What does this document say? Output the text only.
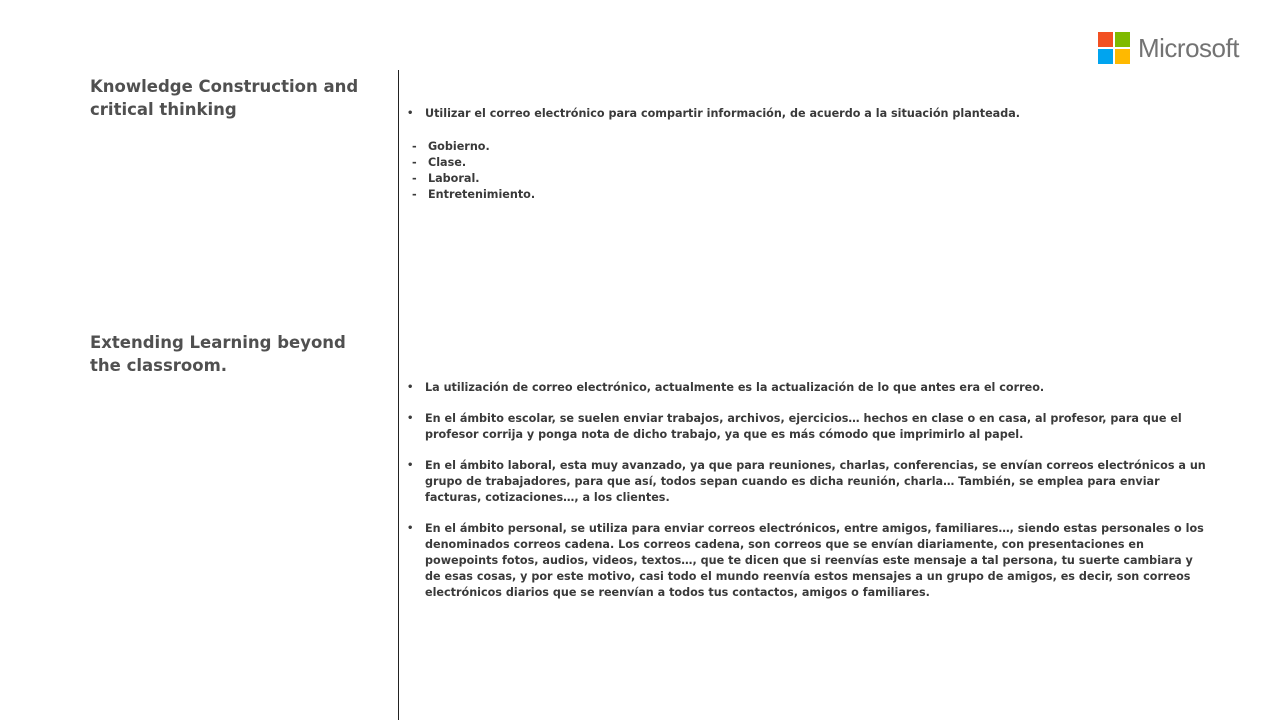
Microsoft
Knowledge Construction and critical thinking
Extending Learning beyond the classroom.
• Utilizar el correo electrónico para compartir información, de acuerdo a la situación planteada.
- Gobierno.
- Clase.
- Laboral.
- Entretenimiento.
• La utilización de correo electrónico, actualmente es la actualización de lo que antes era el correo.
• En el ámbito escolar, se suelen enviar trabajos, archivos, ejercicios… hechos en clase o en casa, al profesor, para que el profesor corrija y ponga nota de dicho trabajo, ya que es más cómodo que imprimirlo al papel.
• En el ámbito laboral, esta muy avanzado, ya que para reuniones, charlas, conferencias, se envían correos electrónicos a un grupo de trabajadores, para que así, todos sepan cuando es dicha reunión, charla… También, se emplea para enviar facturas, cotizaciones…, a los clientes.
• En el ámbito personal, se utiliza para enviar correos electrónicos, entre amigos, familiares…, siendo estas personales o los denominados correos cadena. Los correos cadena, son correos que se envían diariamente, con presentaciones en powepoints fotos, audios, videos, textos…, que te dicen que si reenvías este mensaje a tal persona, tu suerte cambiara y de esas cosas, y por este motivo, casi todo el mundo reenvía estos mensajes a un grupo de amigos, es decir, son correos electrónicos diarios que se reenvían a todos tus contactos, amigos o familiares.
